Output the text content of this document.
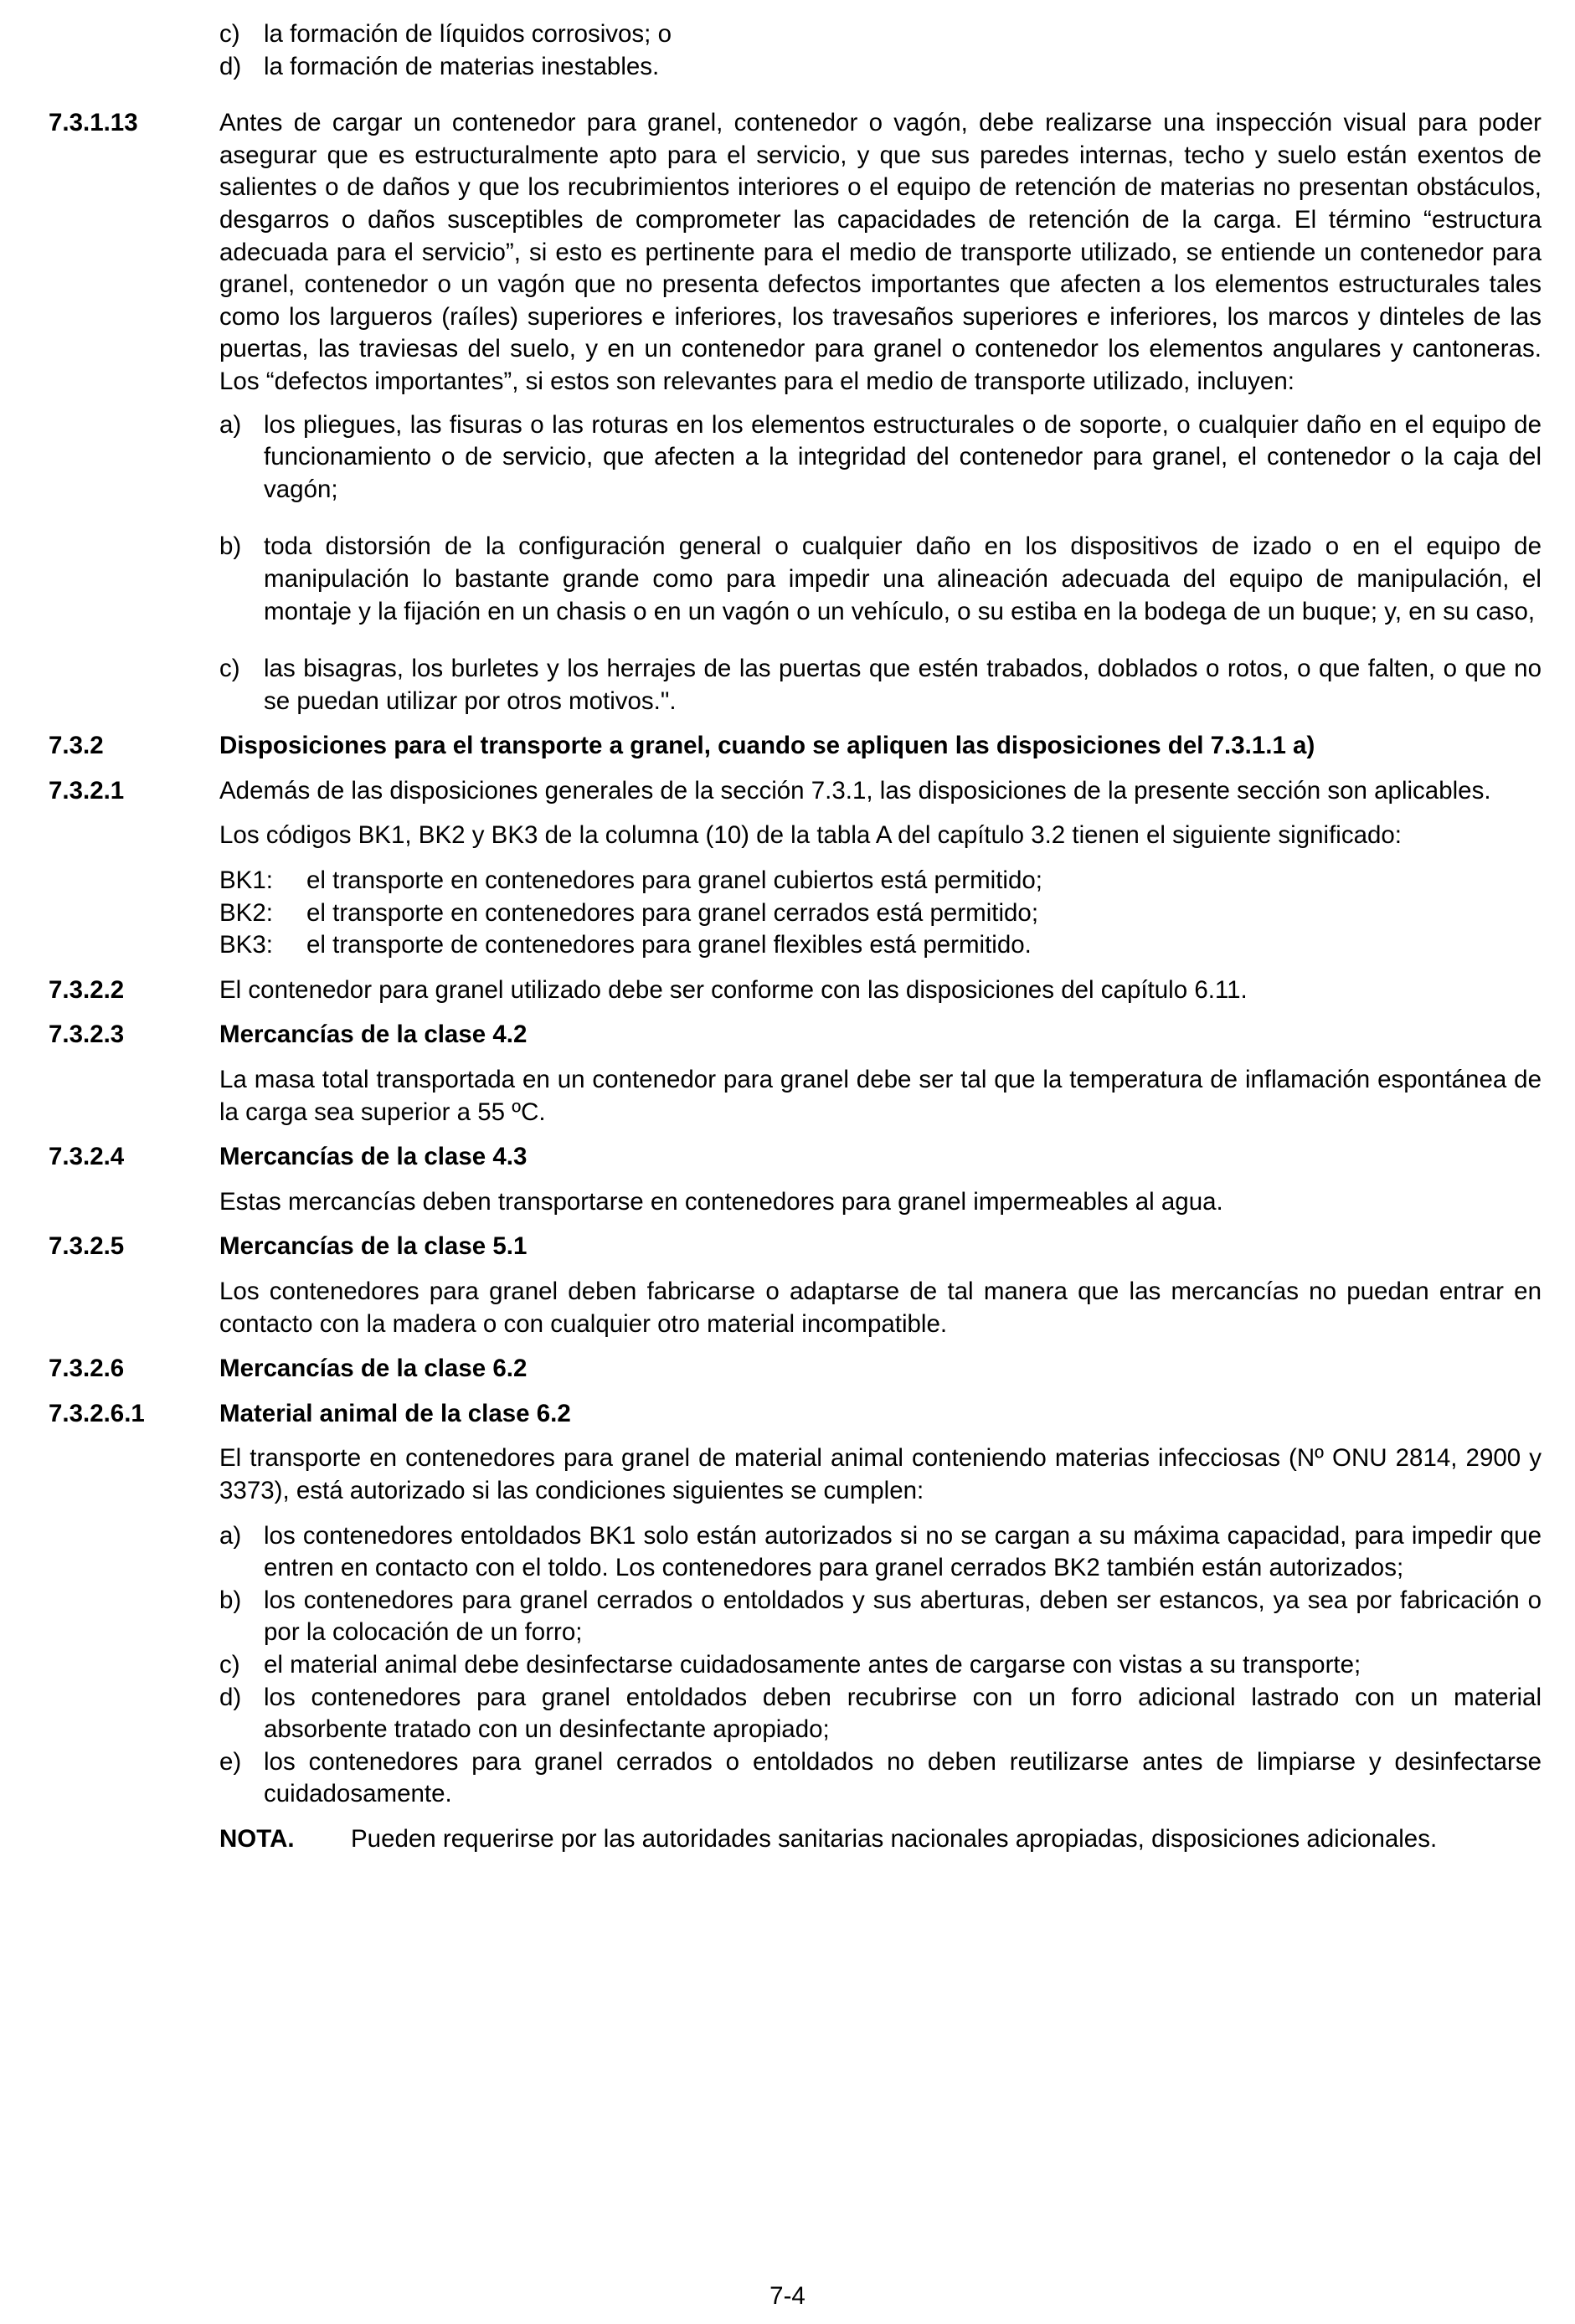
c) la formación de líquidos corrosivos; o
d) la formación de materias inestables.
7.3.1.13	Antes de cargar un contenedor para granel, contenedor o vagón, debe realizarse una inspección visual para poder asegurar que es estructuralmente apto para el servicio, y que sus paredes internas, techo y suelo están exentos de salientes o de daños y que los recubrimientos interiores o el equipo de retención de materias no presentan obstáculos, desgarros o daños susceptibles de comprometer las capacidades de retención de la carga. El término “estructura adecuada para el servicio”, si esto es pertinente para el medio de transporte utilizado, se entiende un contenedor para granel, contenedor o un vagón que no presenta defectos importantes que afecten a los elementos estructurales tales como los largueros (raíles) superiores e inferiores, los travesaños superiores e inferiores, los marcos y dinteles de las puertas, las traviesas del suelo, y en un contenedor para granel o contenedor los elementos angulares y cantoneras. Los “defectos importantes”, si estos son relevantes para el medio de transporte utilizado, incluyen:

a) los pliegues, las fisuras o las roturas en los elementos estructurales o de soporte, o cualquier daño en el equipo de funcionamiento o de servicio, que afecten a la integridad del contenedor para granel, el contenedor o la caja del vagón;
b) toda distorsión de la configuración general o cualquier daño en los dispositivos de izado o en el equipo de manipulación lo bastante grande como para impedir una alineación adecuada del equipo de manipulación, el montaje y la fijación en un chasis o en un vagón o un vehículo, o su estiba en la bodega de un buque; y, en su caso,
c) las bisagras, los burletes y los herrajes de las puertas que estén trabados, doblados o rotos, o que falten, o que no se puedan utilizar por otros motivos.".
7.3.2	Disposiciones para el transporte a granel, cuando se apliquen las disposiciones del 7.3.1.1 a)

7.3.2.1	Además de las disposiciones generales de la sección 7.3.1, las disposiciones de la presente sección son aplicables.

Los códigos BK1, BK2 y BK3 de la columna (10) de la tabla A del capítulo 3.2 tienen el siguiente significado:

BK1: el transporte en contenedores para granel cubiertos está permitido;
BK2: el transporte en contenedores para granel cerrados está permitido;
BK3: el transporte de contenedores para granel flexibles está permitido.
7.3.2.2	El contenedor para granel utilizado debe ser conforme con las disposiciones del capítulo 6.11.

7.3.2.3	Mercancías de la clase 4.2

La masa total transportada en un contenedor para granel debe ser tal que la temperatura de inflamación espontánea de la carga sea superior a 55 ºC.

7.3.2.4	Mercancías de la clase 4.3

Estas mercancías deben transportarse en contenedores para granel impermeables al agua.

7.3.2.5	Mercancías de la clase 5.1

Los contenedores para granel deben fabricarse o adaptarse de tal manera que las mercancías no puedan entrar en contacto con la madera o con cualquier otro material incompatible.

7.3.2.6	Mercancías de la clase 6.2

7.3.2.6.1	Material animal de la clase 6.2

El transporte en contenedores para granel de material animal conteniendo materias infecciosas (Nº ONU 2814, 2900 y 3373), está autorizado si las condiciones siguientes se cumplen:

a) los contenedores entoldados BK1 solo están autorizados si no se cargan a su máxima capacidad, para impedir que entren en contacto con el toldo. Los contenedores para granel cerrados BK2 también están autorizados;
b) los contenedores para granel cerrados o entoldados y sus aberturas, deben ser estancos, ya sea por fabricación o por la colocación de un forro;
c) el material animal debe desinfectarse cuidadosamente antes de cargarse con vistas a su transporte;
d) los contenedores para granel entoldados deben recubrirse con un forro adicional lastrado con un material absorbente tratado con un desinfectante apropiado;
e) los contenedores para granel cerrados o entoldados no deben reutilizarse antes de limpiarse y desinfectarse cuidadosamente.
NOTA. Pueden requerirse por las autoridades sanitarias nacionales apropiadas, disposiciones adicionales.
7-4
